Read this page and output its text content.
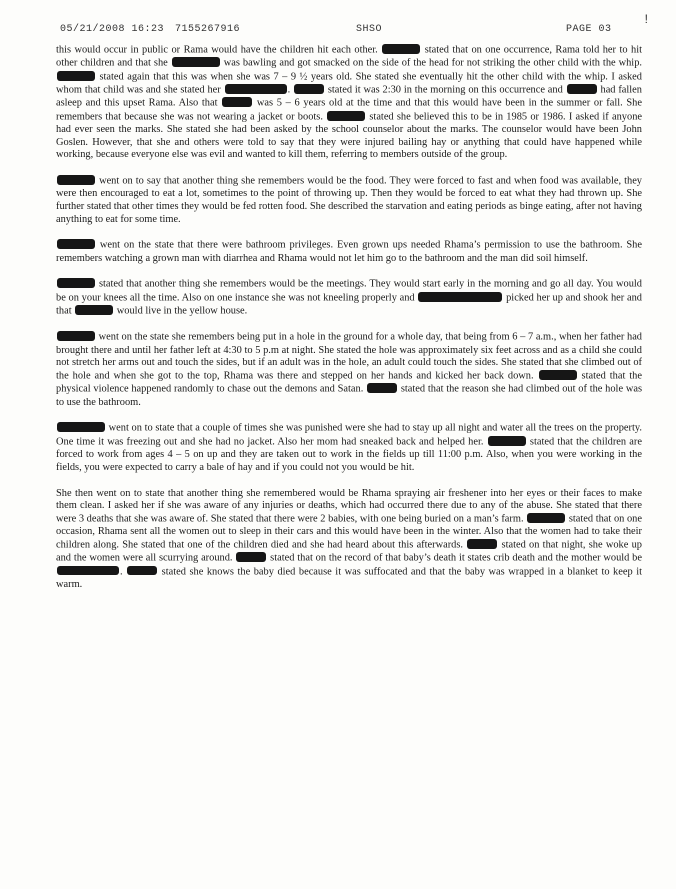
05/21/2008 16:23 7155267916	SHSO	PAGE 03
!

this would occur in public or Rama would have the children hit each other.	stated that on one occurrence, Rama told her to hit other children and that she	was bawling and got smacked on the side of the head for not striking the other child with the whip.  stated again that this was when she was 7 – 9 ½ years old. She stated she eventually hit the other child with the whip. I asked whom that child was and she stated her	.	stated it was 2:30 in the morning on this occurrence and	had fallen asleep and this upset Rama. Also that	was 5 – 6 years old at the time and that this would have been in the summer or fall. She remembers that because she was not wearing a jacket or boots.	stated she believed this to be in 1985 or 1986. I asked if anyone had ever seen the marks. She stated she had been asked by the school counselor about the marks. The counselor would have been John Goslen. However, that she and others were told to say that they were injured bailing hay or anything that could have happened while working, because everyone else was evil and wanted to kill them, referring to members outside of the group.

went on to say that another thing she remembers would be the food. They were forced to fast and when food was available, they were then encouraged to eat a lot, sometimes to the point of throwing up. Then they would be forced to eat what they had thrown up. She further stated that other times they would be fed rotten food. She described the starvation and eating periods as binge eating, after not having anything to eat for some time.

went on the state that there were bathroom privileges. Even grown ups needed Rhama’s permission to use the bathroom. She remembers watching a grown man with diarrhea and Rhama would not let him go to the bathroom and the man did soil himself.

stated that another thing she remembers would be the meetings. They would start early in the morning and go all day. You would be on your knees all the time. Also on one instance she was not kneeling properly and	picked her up and shook her and that	would live in the yellow house.

went on the state she remembers being put in a hole in the ground for a whole day, that being from 6 – 7 a.m., when her father had brought there and until her father left at 4:30 to 5 p.m at night. She stated the hole was approximately six feet across and as a child she could not stretch her arms out and touch the sides, but if an adult was in the hole, an adult could touch the sides. She stated that she climbed out of the hole and when she got to the top, Rhama was there and stepped on her hands and kicked her back down.	stated that the physical violence happened randomly to chase out the demons and Satan.	stated that the reason she had climbed out of the hole was to use the bathroom.

went on to state that a couple of times she was punished were she had to stay up all night and water all the trees on the property. One time it was freezing out and she had no jacket. Also her mom had sneaked back and helped her.	stated that the children are forced to work from ages 4 – 5 on up and they are taken out to work in the fields up till 11:00 p.m. Also, when you were working in the fields, you were expected to carry a bale of hay and if you could not you would be hit.

She then went on to state that another thing she remembered would be Rhama spraying air freshener into her eyes or their faces to make them clean. I asked her if she was aware of any injuries or deaths, which had occurred there due to any of the abuse. She stated that there were 3 deaths that she was aware of. She stated that there were 2 babies, with one being buried on a man’s farm.	stated that on one occasion, Rhama sent all the women out to sleep in their cars and this would have been in the winter. Also that the women had to take their children along. She stated that one of the children died and she had heard about this afterwards.	stated on that night, she woke up and the women were all scurrying around.	stated that on the record of that baby’s death it states crib death and the mother would be .	stated she knows the baby died because it was suffocated and that the baby was wrapped in a blanket to keep it warm.
